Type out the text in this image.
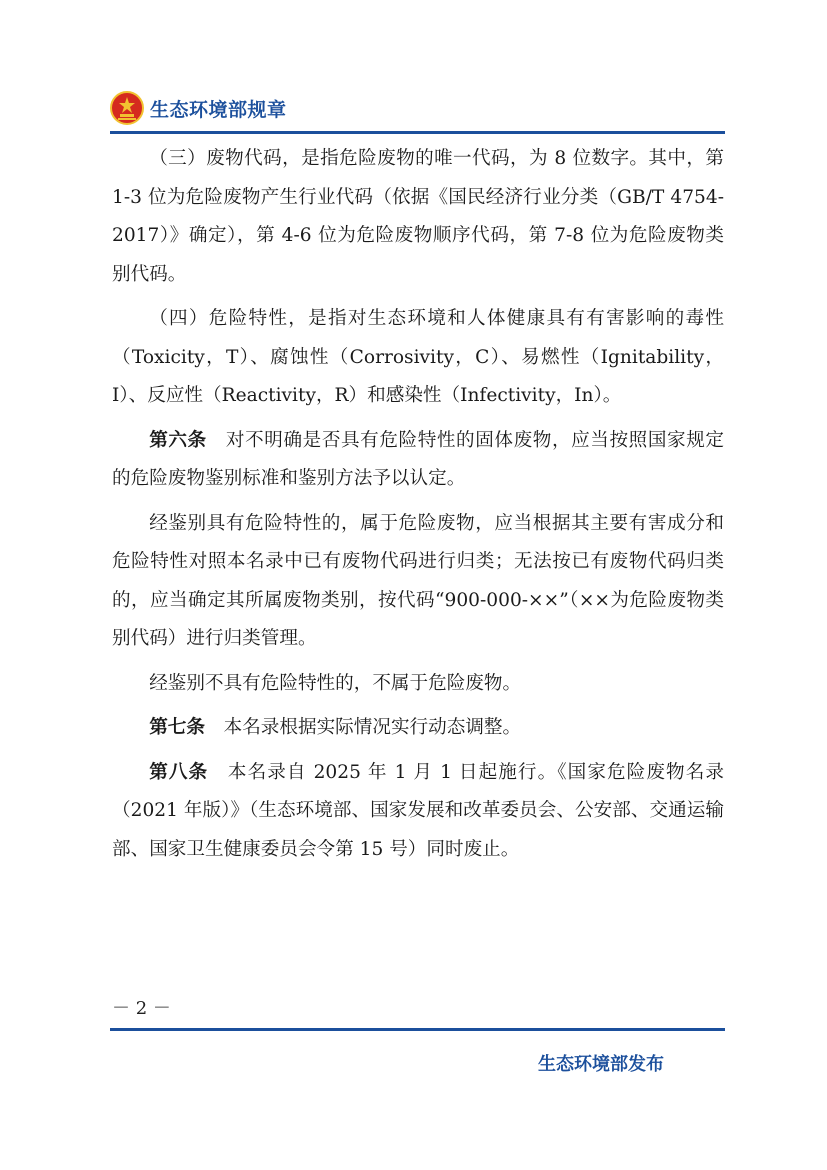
生态环境部规章

（三）废物代码，是指危险废物的唯一代码，为 8 位数字。其中，第 1-3 位为危险废物产生行业代码（依据《国民经济行业分类（GB/T 4754-2017）》确定），第 4-6 位为危险废物顺序代码，第 7-8 位为危险废物类别代码。

（四）危险特性，是指对生态环境和人体健康具有有害影响的毒性（Toxicity，T）、腐蚀性（Corrosivity，C）、易燃性（Ignitability，I）、反应性（Reactivity，R）和感染性（Infectivity，In）。

第六条　 对不明确是否具有危险特性的固体废物，应当按照国家规定的危险废物鉴别标准和鉴别方法予以认定。

经鉴别具有危险特性的，属于危险废物，应当根据其主要有害成分和危险特性对照本名录中已有废物代码进行归类；无法按已有废物代码归类的，应当确定其所属废物类别，按代码“900-000-××”（××为危险废物类别代码）进行归类管理。

经鉴别不具有危险特性的，不属于危险废物。

第七条　 本名录根据实际情况实行动态调整。

第八条　 本名录自 2025 年 1 月 1 日起施行。《国家危险废物名录（2021 年版）》（生态环境部、国家发展和改革委员会、公安部、交通运输部、国家卫生健康委员会令第 15 号）同时废止。

－ 2 －
生态环境部发布
